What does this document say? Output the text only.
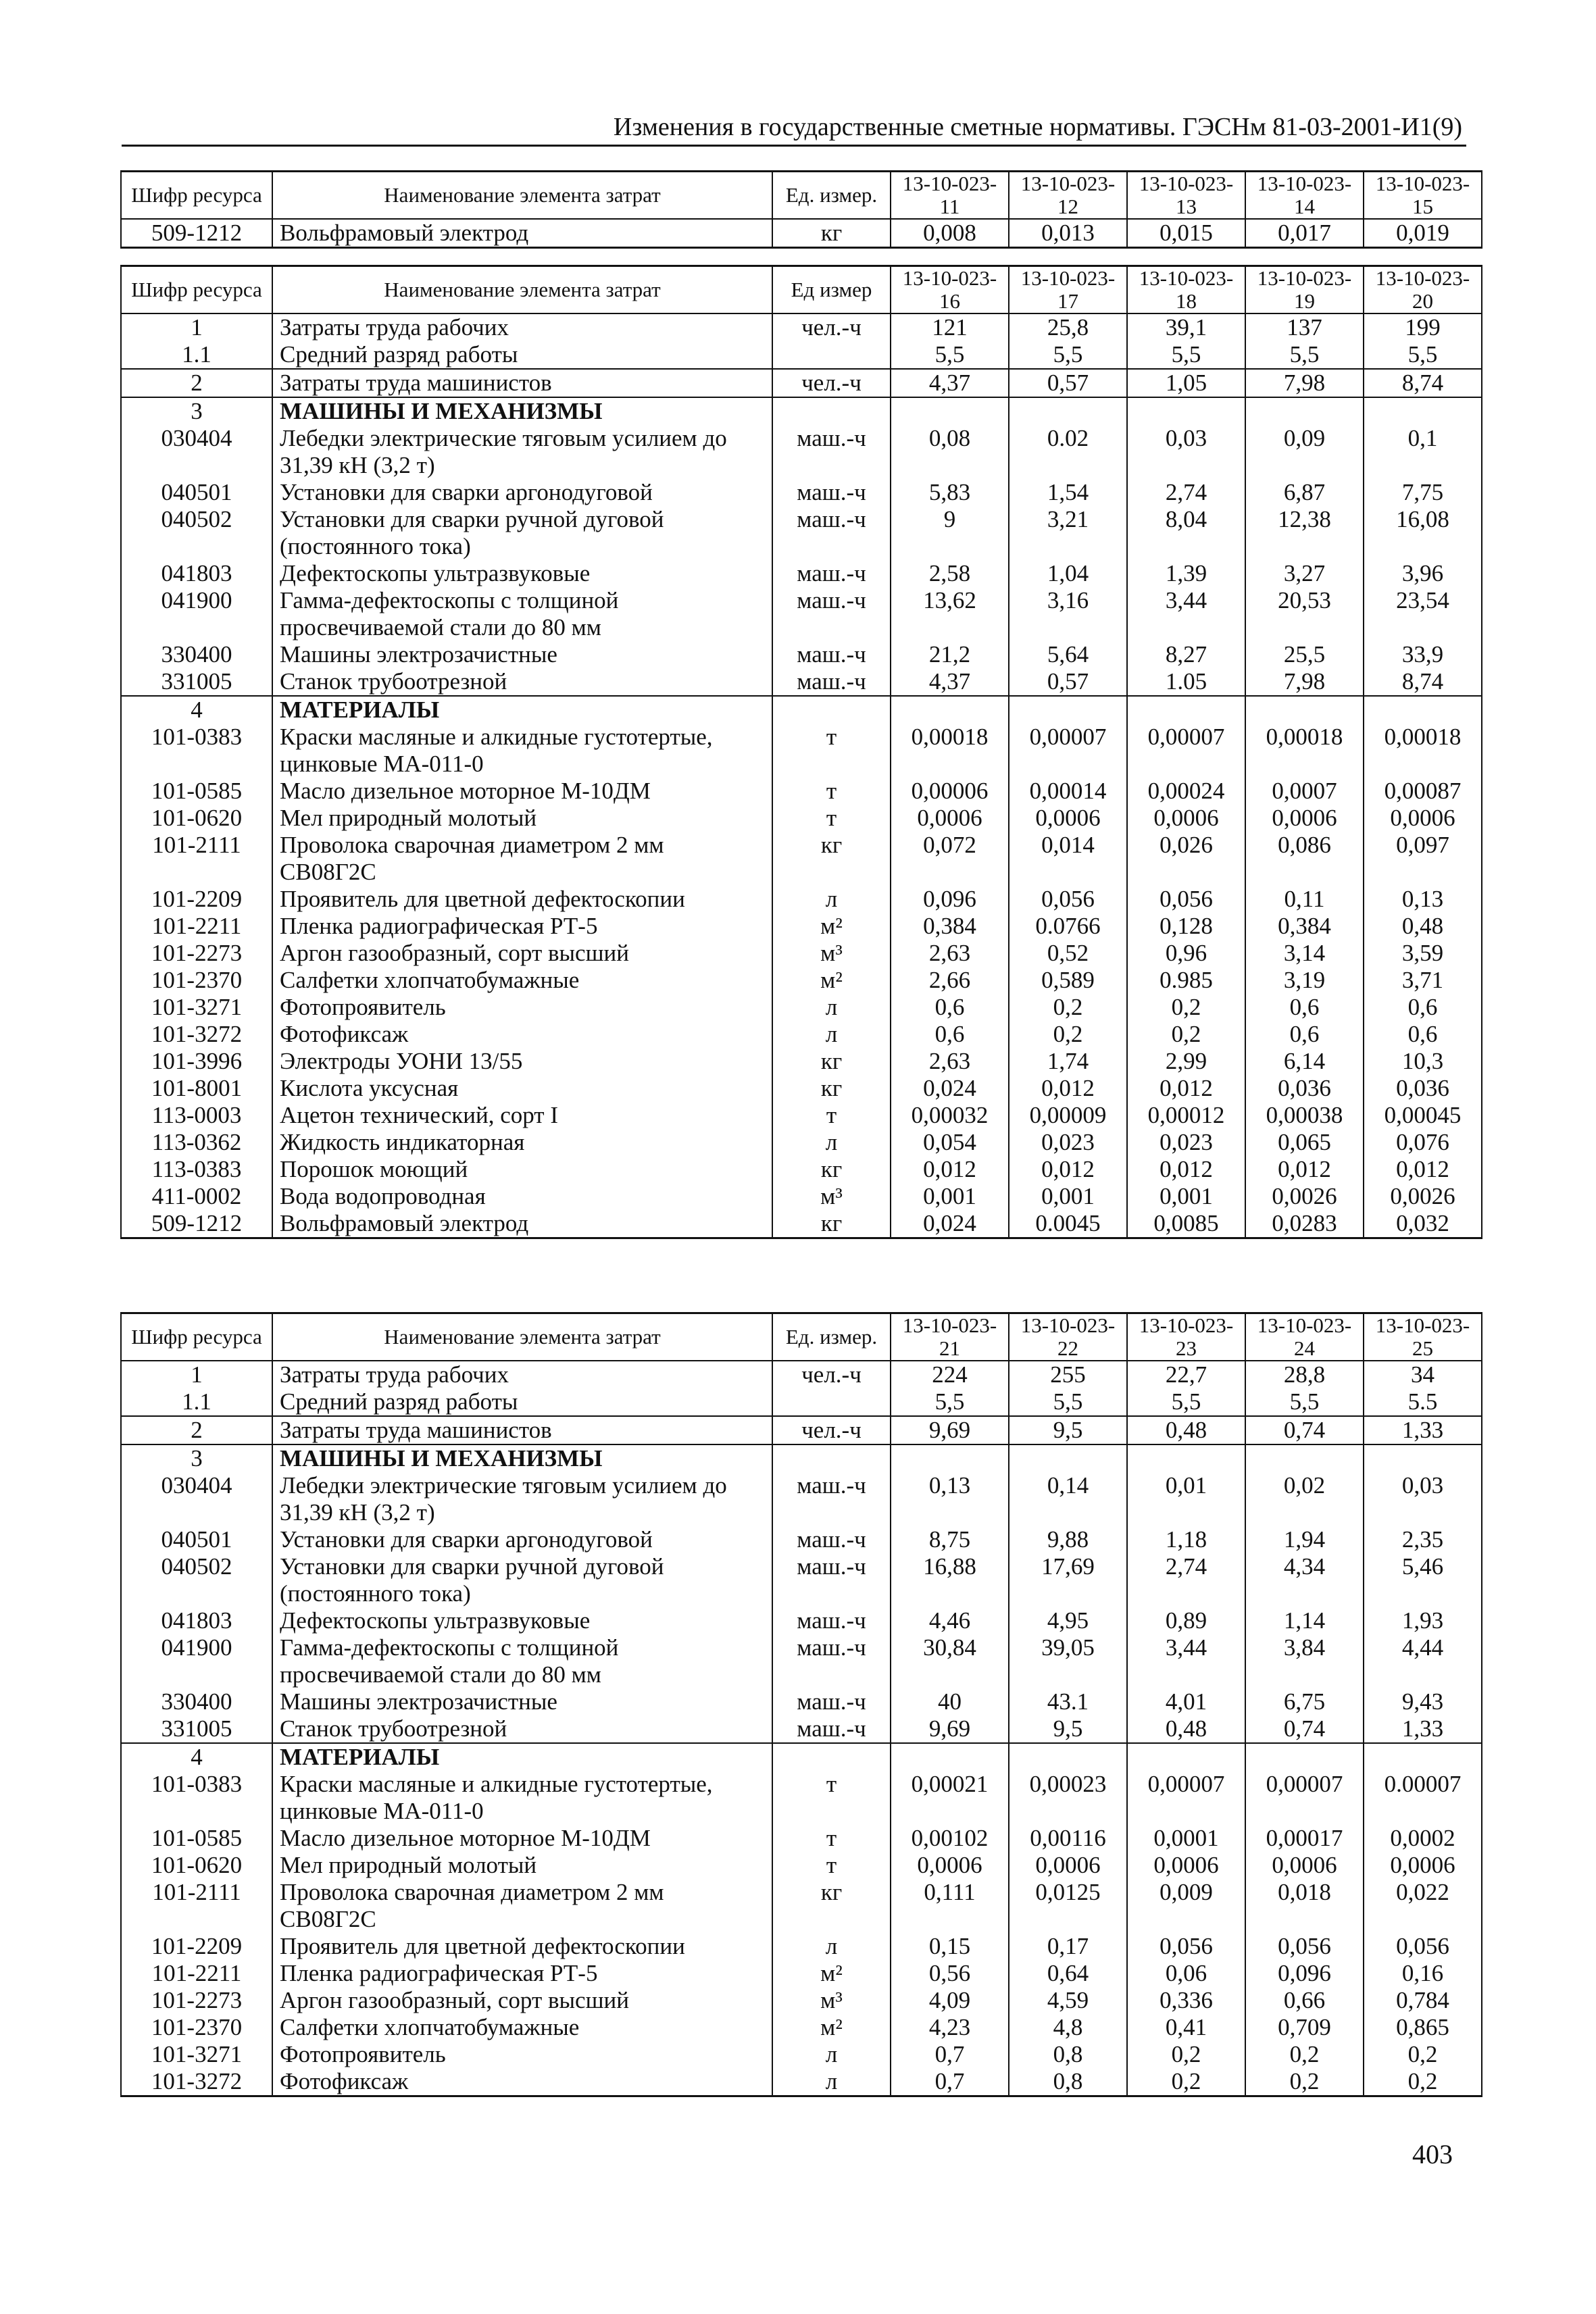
Изменения в государственные сметные нормативы. ГЭСНм 81-03-2001-И1(9)
Шифр ресурса	Наименование элемента затрат	Ед. измер.	13-10-023-11	13-10-023-12	13-10-023-13	13-10-023-14	13-10-023-15
509-1212	Вольфрамовый электрод	кг	0,008	0,013	0,015	0,017	0,019
Шифр ресурса	Наименование элемента затрат	Ед измер	13-10-023-16	13-10-023-17	13-10-023-18	13-10-023-19	13-10-023-20
1	Затраты труда рабочих	чел.-ч	121	25,8	39,1	137	199
1.1	Средний разряд работы		5,5	5,5	5,5	5,5	5,5
2	Затраты труда машинистов	чел.-ч	4,37	0,57	1,05	7,98	8,74
3	МАШИНЫ И МЕХАНИЗМЫ						
030404	Лебедки электрические тяговым усилием до 31,39 кН (3,2 т)	маш.-ч	0,08	0.02	0,03	0,09	0,1
040501	Установки для сварки аргонодуговой	маш.-ч	5,83	1,54	2,74	6,87	7,75
040502	Установки для сварки ручной дуговой (постоянного тока)	маш.-ч	9	3,21	8,04	12,38	16,08
041803	Дефектоскопы ультразвуковые	маш.-ч	2,58	1,04	1,39	3,27	3,96
041900	Гамма-дефектоскопы с толщиной просвечиваемой стали до 80 мм	маш.-ч	13,62	3,16	3,44	20,53	23,54
330400	Машины электрозачистные	маш.-ч	21,2	5,64	8,27	25,5	33,9
331005	Станок трубоотрезной	маш.-ч	4,37	0,57	1.05	7,98	8,74
4	МАТЕРИАЛЫ						
101-0383	Краски масляные и алкидные густотертые, цинковые МА-011-0	т	0,00018	0,00007	0,00007	0,00018	0,00018
101-0585	Масло дизельное моторное М-10ДМ	т	0,00006	0,00014	0,00024	0,0007	0,00087
101-0620	Мел природный молотый	т	0,0006	0,0006	0,0006	0,0006	0,0006
101-2111	Проволока сварочная диаметром 2 мм СВ08Г2С	кг	0,072	0,014	0,026	0,086	0,097
101-2209	Проявитель для цветной дефектоскопии	л	0,096	0,056	0,056	0,11	0,13
101-2211	Пленка радиографическая РТ-5	м²	0,384	0.0766	0,128	0,384	0,48
101-2273	Аргон газообразный, сорт высший	м³	2,63	0,52	0,96	3,14	3,59
101-2370	Салфетки хлопчатобумажные	м²	2,66	0,589	0.985	3,19	3,71
101-3271	Фотопроявитель	л	0,6	0,2	0,2	0,6	0,6
101-3272	Фотофиксаж	л	0,6	0,2	0,2	0,6	0,6
101-3996	Электроды УОНИ 13/55	кг	2,63	1,74	2,99	6,14	10,3
101-8001	Кислота уксусная	кг	0,024	0,012	0,012	0,036	0,036
113-0003	Ацетон технический, сорт I	т	0,00032	0,00009	0,00012	0,00038	0,00045
113-0362	Жидкость индикаторная	л	0,054	0,023	0,023	0,065	0,076
113-0383	Порошок моющий	кг	0,012	0,012	0,012	0,012	0,012
411-0002	Вода водопроводная	м³	0,001	0,001	0,001	0,0026	0,0026
509-1212	Вольфрамовый электрод	кг	0,024	0.0045	0,0085	0,0283	0,032
Шифр ресурса	Наименование элемента затрат	Ед. измер.	13-10-023-21	13-10-023-22	13-10-023-23	13-10-023-24	13-10-023-25
1	Затраты труда рабочих	чел.-ч	224	255	22,7	28,8	34
1.1	Средний разряд работы		5,5	5,5	5,5	5,5	5.5
2	Затраты труда машинистов	чел.-ч	9,69	9,5	0,48	0,74	1,33
3	МАШИНЫ И МЕХАНИЗМЫ						
030404	Лебедки электрические тяговым усилием до 31,39 кН (3,2 т)	маш.-ч	0,13	0,14	0,01	0,02	0,03
040501	Установки для сварки аргонодуговой	маш.-ч	8,75	9,88	1,18	1,94	2,35
040502	Установки для сварки ручной дуговой (постоянного тока)	маш.-ч	16,88	17,69	2,74	4,34	5,46
041803	Дефектоскопы ультразвуковые	маш.-ч	4,46	4,95	0,89	1,14	1,93
041900	Гамма-дефектоскопы с толщиной просвечиваемой стали до 80 мм	маш.-ч	30,84	39,05	3,44	3,84	4,44
330400	Машины электрозачистные	маш.-ч	40	43.1	4,01	6,75	9,43
331005	Станок трубоотрезной	маш.-ч	9,69	9,5	0,48	0,74	1,33
4	МАТЕРИАЛЫ						
101-0383	Краски масляные и алкидные густотертые, цинковые МА-011-0	т	0,00021	0,00023	0,00007	0,00007	0.00007
101-0585	Масло дизельное моторное М-10ДМ	т	0,00102	0,00116	0,0001	0,00017	0,0002
101-0620	Мел природный молотый	т	0,0006	0,0006	0,0006	0,0006	0,0006
101-2111	Проволока сварочная диаметром 2 мм СВ08Г2С	кг	0,111	0,0125	0,009	0,018	0,022
101-2209	Проявитель для цветной дефектоскопии	л	0,15	0,17	0,056	0,056	0,056
101-2211	Пленка радиографическая РТ-5	м²	0,56	0,64	0,06	0,096	0,16
101-2273	Аргон газообразный, сорт высший	м³	4,09	4,59	0,336	0,66	0,784
101-2370	Салфетки хлопчатобумажные	м²	4,23	4,8	0,41	0,709	0,865
101-3271	Фотопроявитель	л	0,7	0,8	0,2	0,2	0,2
101-3272	Фотофиксаж	л	0,7	0,8	0,2	0,2	0,2
403
